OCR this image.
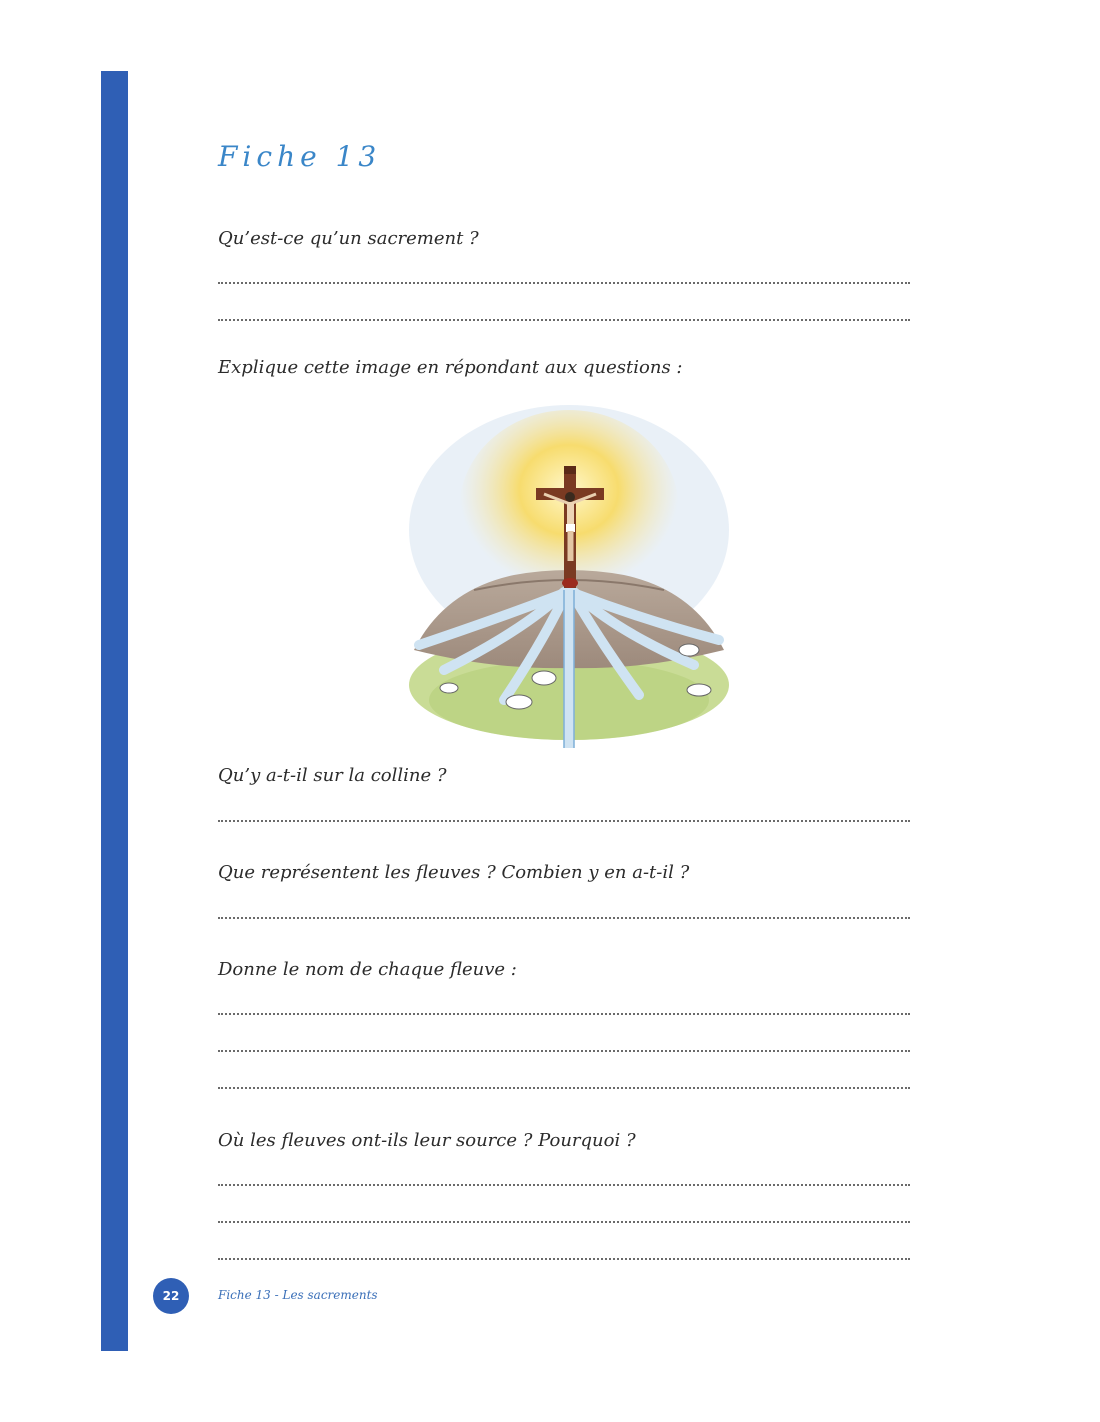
Fiche 13
Qu’est-ce qu’un sacrement ?
Explique cette image en répondant aux questions :
Qu’y a-t-il sur la colline ?
Que représentent les fleuves ? Combien y en a-t-il ?
Donne le nom de chaque fleuve :
Où les fleuves ont-ils leur source ? Pourquoi ?
22	Fiche 13 - Les sacrements
